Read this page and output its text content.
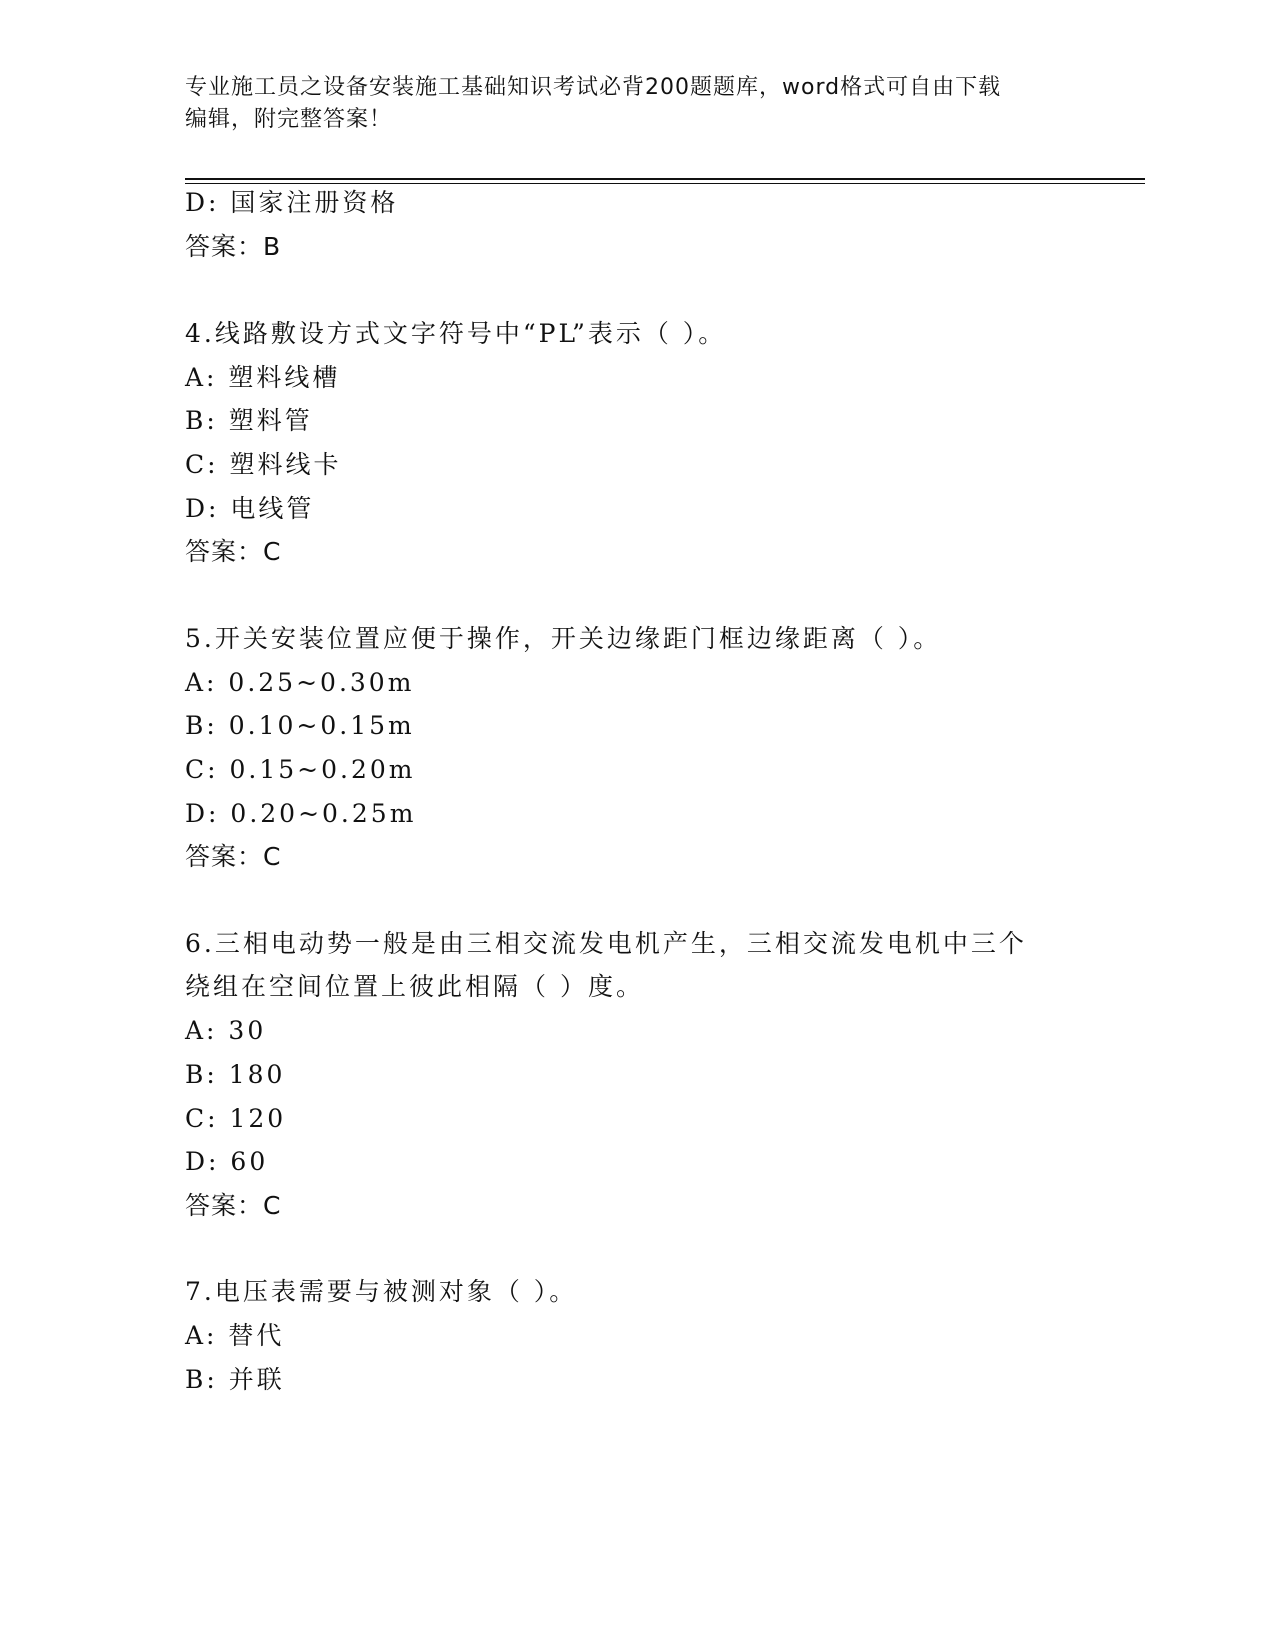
专业施工员之设备安装施工基础知识考试必背200题题库，word格式可自由下载
编辑，附完整答案！
D: 国家注册资格
答案：B
4.线路敷设方式文字符号中“PL”表示（ ）。
A: 塑料线槽
B: 塑料管
C: 塑料线卡
D: 电线管
答案：C
5.开关安装位置应便于操作，开关边缘距门框边缘距离（ ）。
A: 0.25~0.30m
B: 0.10~0.15m
C: 0.15~0.20m
D: 0.20~0.25m
答案：C
6.三相电动势一般是由三相交流发电机产生，三相交流发电机中三个
绕组在空间位置上彼此相隔（ ）度。
A: 30
B: 180
C: 120
D: 60
答案：C
7.电压表需要与被测对象（ ）。
A: 替代
B: 并联
